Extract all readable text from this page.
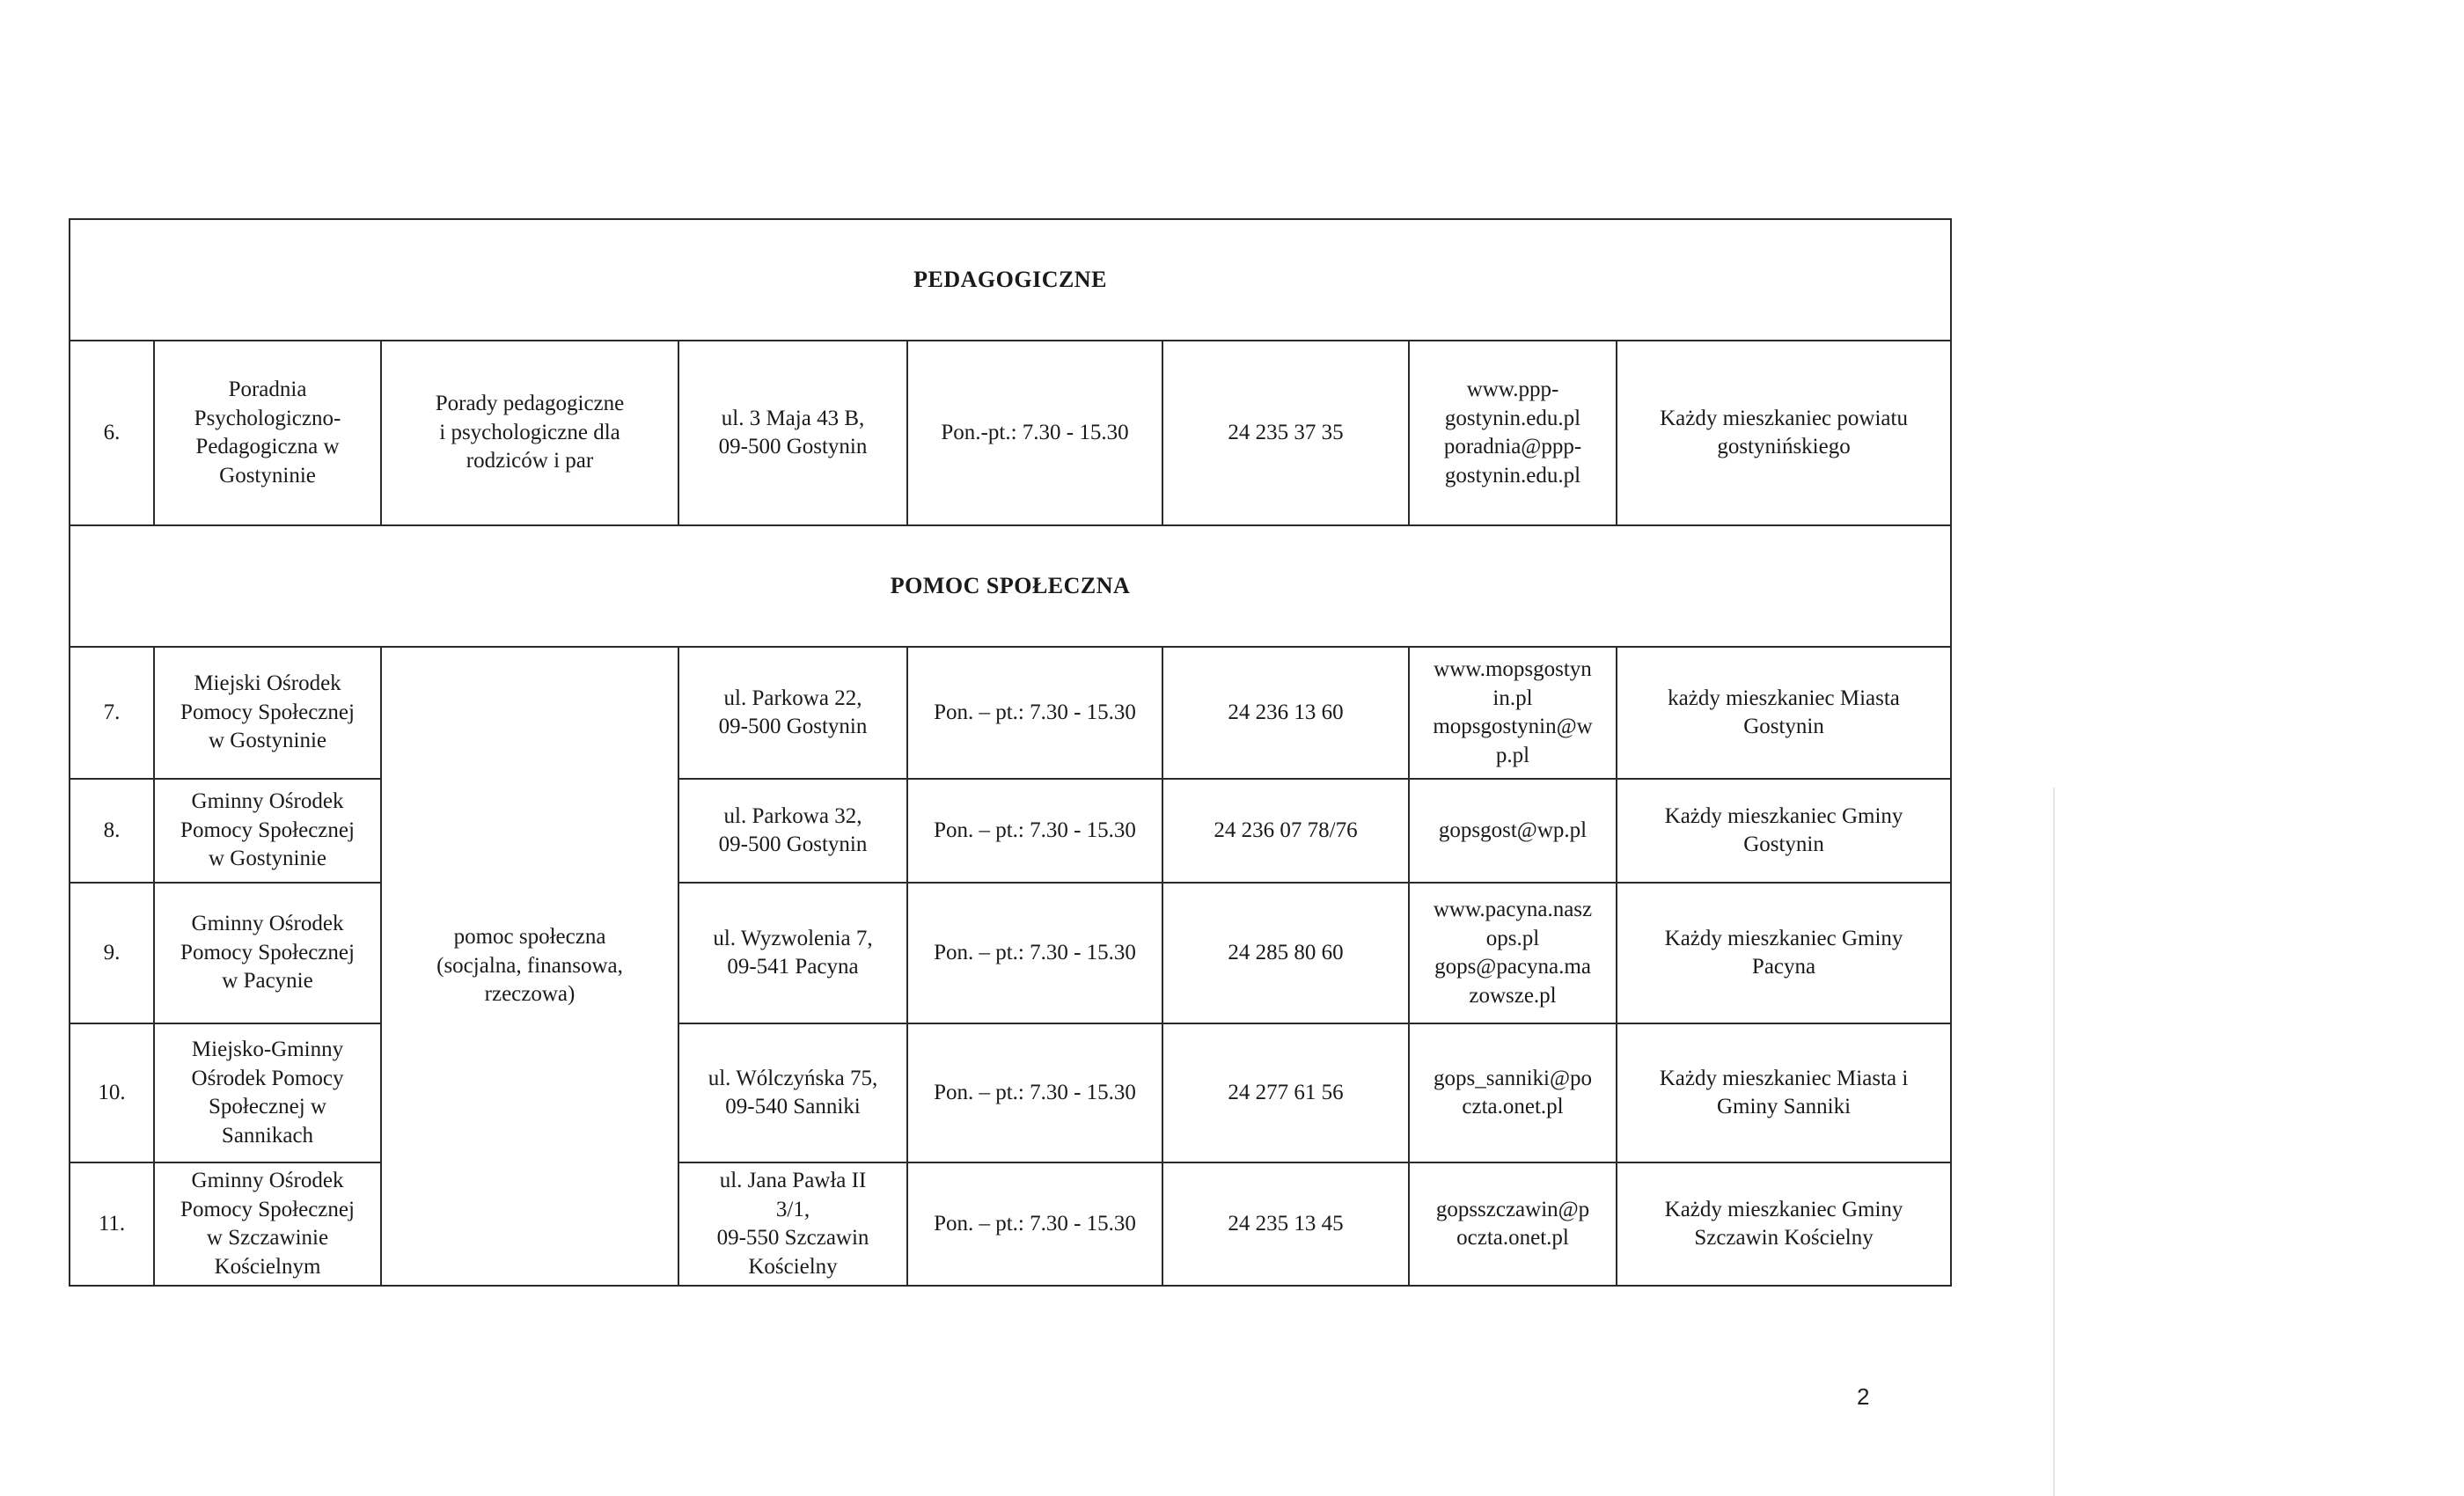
PEDAGOGICZNE							
6.	Poradnia
Psychologiczno-
Pedagogiczna w
Gostyninie	Porady pedagogiczne
i psychologiczne dla
rodziców i par	ul. 3 Maja 43 B,
09-500 Gostynin	Pon.-pt.: 7.30 - 15.30	24 235 37 35	www.ppp-
gostynin.edu.pl
poradnia@ppp-
gostynin.edu.pl	Każdy mieszkaniec powiatu
gostynińskiego

POMOC SPOŁECZNA							
7.	Miejski Ośrodek
Pomocy Społecznej
w Gostyninie	pomoc społeczna
(socjalna, finansowa,
rzeczowa)	ul. Parkowa 22,
09-500 Gostynin	Pon. – pt.: 7.30 - 15.30	24 236 13 60	www.mopsgostyn
in.pl
mopsgostynin@w
p.pl	każdy mieszkaniec Miasta
Gostynin

8.	Gminny Ośrodek
Pomocy Społecznej
w Gostyninie		ul. Parkowa 32,
09-500 Gostynin	Pon. – pt.: 7.30 - 15.30	24 236 07 78/76	gopsgost@wp.pl	Każdy mieszkaniec Gminy
Gostynin

9.	Gminny Ośrodek
Pomocy Społecznej
w Pacynie		ul. Wyzwolenia 7,
09-541 Pacyna	Pon. – pt.: 7.30 - 15.30	24 285 80 60	www.pacyna.nasz
ops.pl
gops@pacyna.ma
zowsze.pl	Każdy mieszkaniec Gminy
Pacyna

10.	Miejsko-Gminny
Ośrodek Pomocy
Społecznej w
Sannikach		ul. Wólczyńska 75,
09-540 Sanniki	Pon. – pt.: 7.30 - 15.30	24 277 61 56	gops_sanniki@po
czta.onet.pl	Każdy mieszkaniec Miasta i
Gminy Sanniki

11.	Gminny Ośrodek
Pomocy Społecznej
w Szczawinie
Kościelnym		ul. Jana Pawła II
3/1,
09-550 Szczawin
Kościelny	Pon. – pt.: 7.30 - 15.30	24 235 13 45	gopsszczawin@p
oczta.onet.pl	Każdy mieszkaniec Gminy
Szczawin Kościelny
2
